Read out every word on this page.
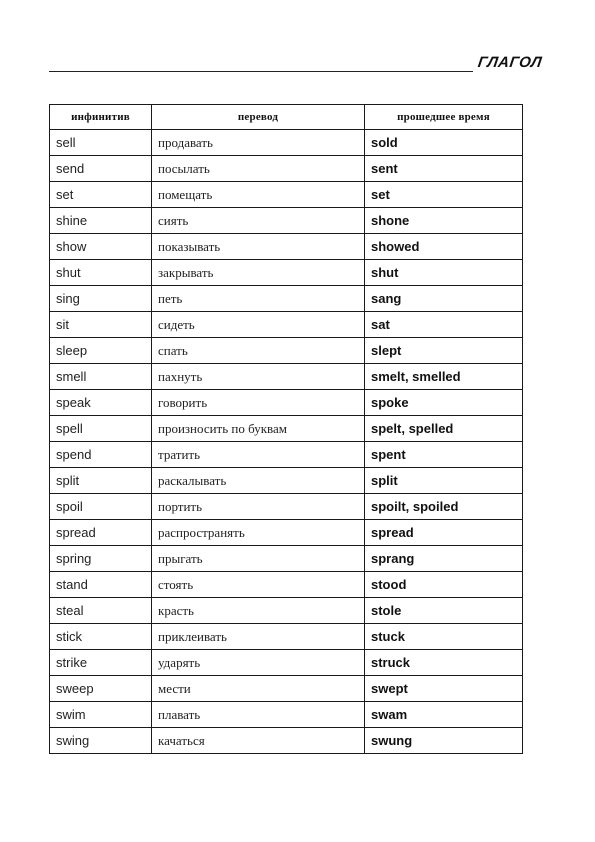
ГЛАГОЛ
инфинитив	перевод	прошедшее время
sell	продавать	sold
send	посылать	sent
set	помещать	set
shine	сиять	shone
show	показывать	showed
shut	закрывать	shut
sing	петь	sang
sit	сидеть	sat
sleep	спать	slept
smell	пахнуть	smelt, smelled
speak	говорить	spoke
spell	произносить по буквам	spelt, spelled
spend	тратить	spent
split	раскалывать	split
spoil	портить	spoilt, spoiled
spread	распространять	spread
spring	прыгать	sprang
stand	стоять	stood
steal	красть	stole
stick	приклеивать	stuck
strike	ударять	struck
sweep	мести	swept
swim	плавать	swam
swing	качаться	swung
